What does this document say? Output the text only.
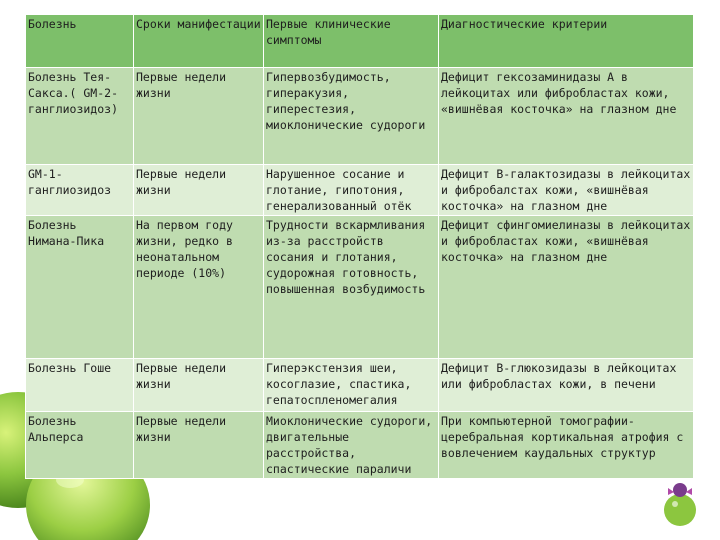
Болезнь	Сроки манифестации	Первые клинические симптомы	Диагностические критерии

Болезнь Тея-Сакса.( GM-2-ганглиозидоз)	Первые недели жизни	Гипервозбудимость, гиперакузия, гиперестезия, миоклонические судороги	Дефицит гексозаминидазы А в лейкоцитах или фибробластах кожи, «вишнёвая косточка» на глазном дне

GM-1-ганглиозидоз	Первые недели жизни	Нарушенное сосание и глотание, гипотония, генерализованный отёк	Дефицит В-галактозидазы в лейкоцитах и фибробалстах кожи, «вишнёвая косточка» на глазном дне

Болезнь Нимана-Пика	На первом году жизни, редко в неонатальном периоде (10%)	Трудности вскармливания из-за расстройств сосания и глотания, судорожная готовность, повышенная возбудимость	Дефицит сфингомиелиназы в лейкоцитах и фибробластах кожи, «вишнёвая косточка» на глазном дне

Болезнь Гоше	Первые недели жизни	Гиперэкстензия шеи, косоглазие, спастика, гепатоспленомегалия	Дефицит В-глюкозидазы в лейкоцитах или фибробластах кожи, в печени

Болезнь Альперса	Первые недели жизни	Миоклонические судороги, двигательные расстройства, спастические параличи	При компьютерной томографии-церебральная кортикальная атрофия с вовлечением каудальных структур
